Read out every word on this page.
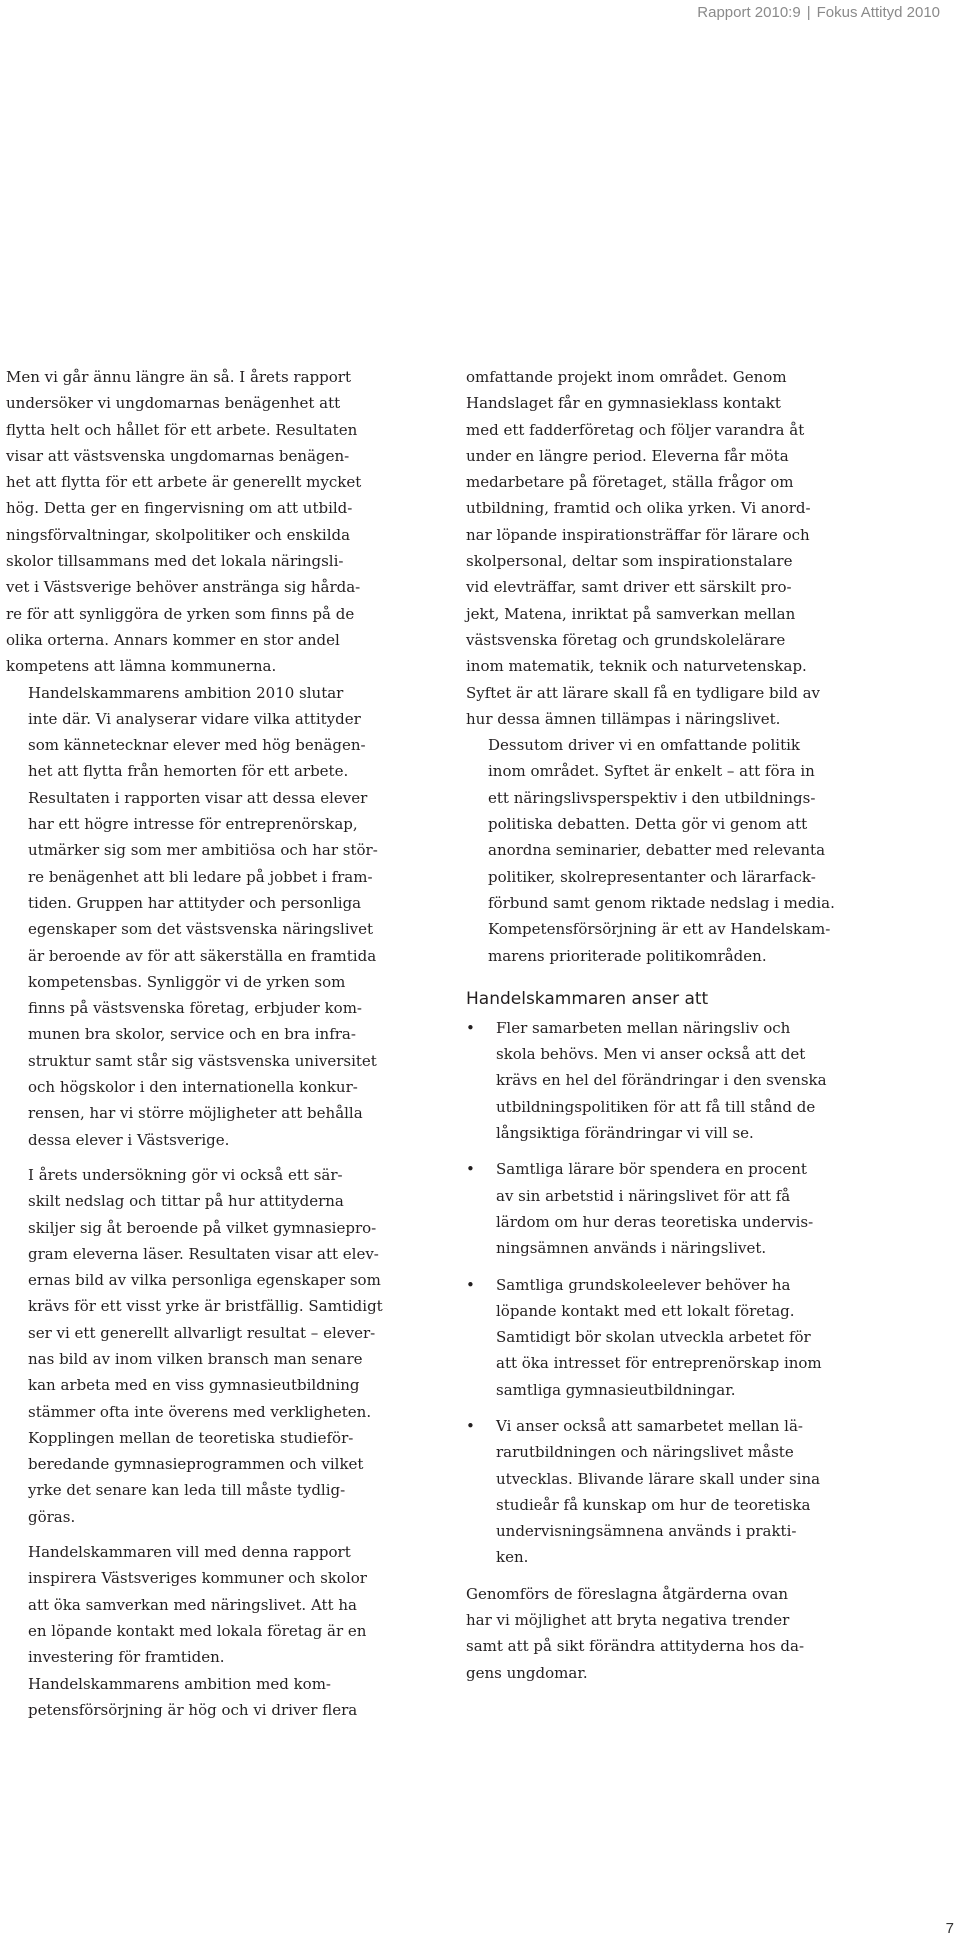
Rapport 2010:9 | Fokus Attityd 2010

Men vi går ännu längre än så. I årets rapport
undersöker vi ungdomarnas benägenhet att
flytta helt och hållet för ett arbete. Resultaten
visar att västsvenska ungdomarnas benägen-
het att flytta för ett arbete är generellt mycket
hög. Detta ger en fingervisning om att utbild-
ningsförvaltningar, skolpolitiker och enskilda
skolor tillsammans med det lokala näringsli-
vet i Västsverige behöver anstränga sig hårda-
re för att synliggöra de yrken som finns på de
olika orterna. Annars kommer en stor andel
kompetens att lämna kommunerna.

Handelskammarens ambition 2010 slutar
inte där. Vi analyserar vidare vilka attityder
som kännetecknar elever med hög benägen-
het att flytta från hemorten för ett arbete.
Resultaten i rapporten visar att dessa elever
har ett högre intresse för entreprenörskap,
utmärker sig som mer ambitiösa och har stör-
re benägenhet att bli ledare på jobbet i fram-
tiden. Gruppen har attityder och personliga
egenskaper som det västsvenska näringslivet
är beroende av för att säkerställa en framtida
kompetensbas. Synliggör vi de yrken som
finns på västsvenska företag, erbjuder kom-
munen bra skolor, service och en bra infra-
struktur samt står sig västsvenska universitet
och högskolor i den internationella konkur-
rensen, har vi större möjligheter att behålla
dessa elever i Västsverige.

I årets undersökning gör vi också ett sär-
skilt nedslag och tittar på hur attityderna
skiljer sig åt beroende på vilket gymnasiepro-
gram eleverna läser. Resultaten visar att elev-
ernas bild av vilka personliga egenskaper som
krävs för ett visst yrke är bristfällig. Samtidigt
ser vi ett generellt allvarligt resultat – elever-
nas bild av inom vilken bransch man senare
kan arbeta med en viss gymnasieutbildning
stämmer ofta inte överens med verkligheten.
Kopplingen mellan de teoretiska studieför-
beredande gymnasieprogrammen och vilket
yrke det senare kan leda till måste tydlig-
göras.

Handelskammaren vill med denna rapport
inspirera Västsveriges kommuner och skolor
att öka samverkan med näringslivet. Att ha
en löpande kontakt med lokala företag är en
investering för framtiden.

Handelskammarens ambition med kom-
petensförsörjning är hög och vi driver flera

omfattande projekt inom området. Genom
Handslaget får en gymnasieklass kontakt
med ett fadderföretag och följer varandra åt
under en längre period. Eleverna får möta
medarbetare på företaget, ställa frågor om
utbildning, framtid och olika yrken. Vi anord-
nar löpande inspirationsträffar för lärare och
skolpersonal, deltar som inspirationstalare
vid elevträffar, samt driver ett särskilt pro-
jekt, Matena, inriktat på samverkan mellan
västsvenska företag och grundskolelärare
inom matematik, teknik och naturvetenskap.
Syftet är att lärare skall få en tydligare bild av
hur dessa ämnen tillämpas i näringslivet.

Dessutom driver vi en omfattande politik
inom området. Syftet är enkelt – att föra in
ett näringslivsperspektiv i den utbildnings-
politiska debatten. Detta gör vi genom att
anordna seminarier, debatter med relevanta
politiker, skolrepresentanter och lärarfack-
förbund samt genom riktade nedslag i media.
Kompetensförsörjning är ett av Handelskam-
marens prioriterade politikområden.

Handelskammaren anser att
• Fler samarbeten mellan näringsliv och
skola behövs. Men vi anser också att det
krävs en hel del förändringar i den svenska
utbildningspolitiken för att få till stånd de
långsiktiga förändringar vi vill se.
• Samtliga lärare bör spendera en procent
av sin arbetstid i näringslivet för att få
lärdom om hur deras teoretiska undervis-
ningsämnen används i näringslivet.
• Samtliga grundskoleelever behöver ha
löpande kontakt med ett lokalt företag.
Samtidigt bör skolan utveckla arbetet för
att öka intresset för entreprenörskap inom
samtliga gymnasieutbildningar.
• Vi anser också att samarbetet mellan lä-
rarutbildningen och näringslivet måste
utvecklas. Blivande lärare skall under sina
studieår få kunskap om hur de teoretiska
undervisningsämnena används i prakti-
ken.

Genomförs de föreslagna åtgärderna ovan
har vi möjlighet att bryta negativa trender
samt att på sikt förändra attityderna hos da-
gens ungdomar.

7
